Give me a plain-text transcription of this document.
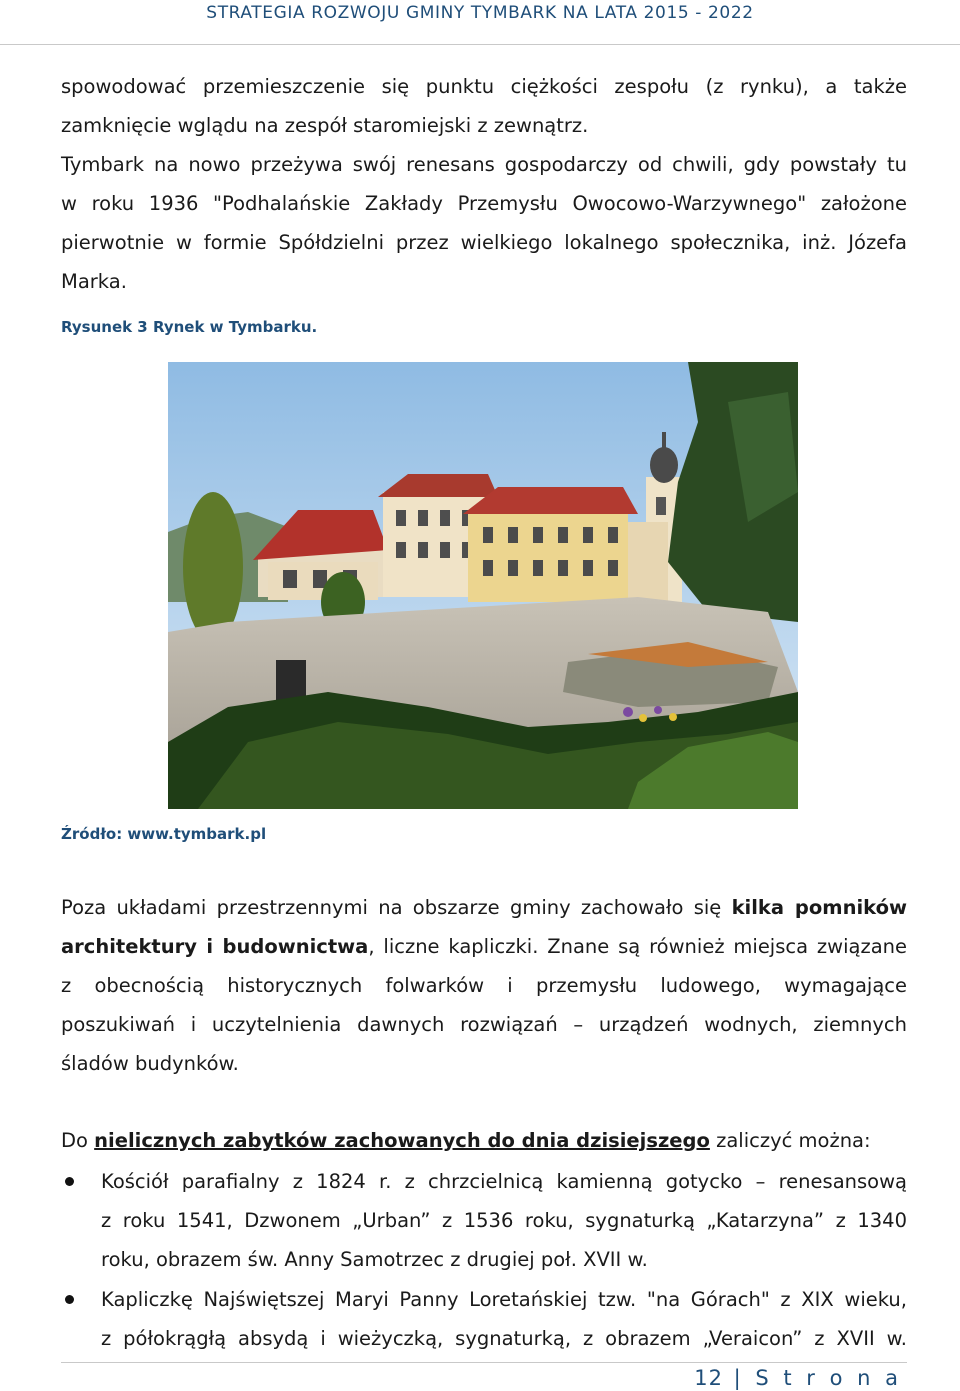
STRATEGIA ROZWOJU GMINY TYMBARK NA LATA 2015 - 2022
spowodować przemieszczenie się punktu ciężkości zespołu (z rynku), a także
zamknięcie wglądu na zespół staromiejski z zewnątrz.
Tymbark na nowo przeżywa swój renesans gospodarczy od chwili, gdy powstały tu
w roku 1936 "Podhalańskie Zakłady Przemysłu Owocowo-Warzywnego" założone
pierwotnie w formie Spółdzielni przez wielkiego lokalnego społecznika, inż. Józefa
Marka.
Rysunek 3 Rynek w Tymbarku.
Źródło: www.tymbark.pl
Poza układami przestrzennymi na obszarze gminy zachowało się kilka pomników
architektury i budownictwa, liczne kapliczki. Znane są również miejsca związane
z obecnością historycznych folwarków i przemysłu ludowego, wymagające
poszukiwań i uczytelnienia dawnych rozwiązań – urządzeń wodnych, ziemnych
śladów budynków.
Do nielicznych zabytków zachowanych do dnia dzisiejszego zaliczyć można:
Kościół parafialny z 1824 r. z chrzcielnicą kamienną gotycko – renesansową
z roku 1541, Dzwonem „Urban” z 1536 roku, sygnaturką „Katarzyna” z 1340
roku, obrazem św. Anny Samotrzec z drugiej poł. XVII w.
Kapliczkę Najświętszej Maryi Panny Loretańskiej tzw. "na Górach" z XIX wieku,
z półokrągłą absydą i wieżyczką, sygnaturką, z obrazem „Veraicon” z XVII w.
12 | S t r o n a
